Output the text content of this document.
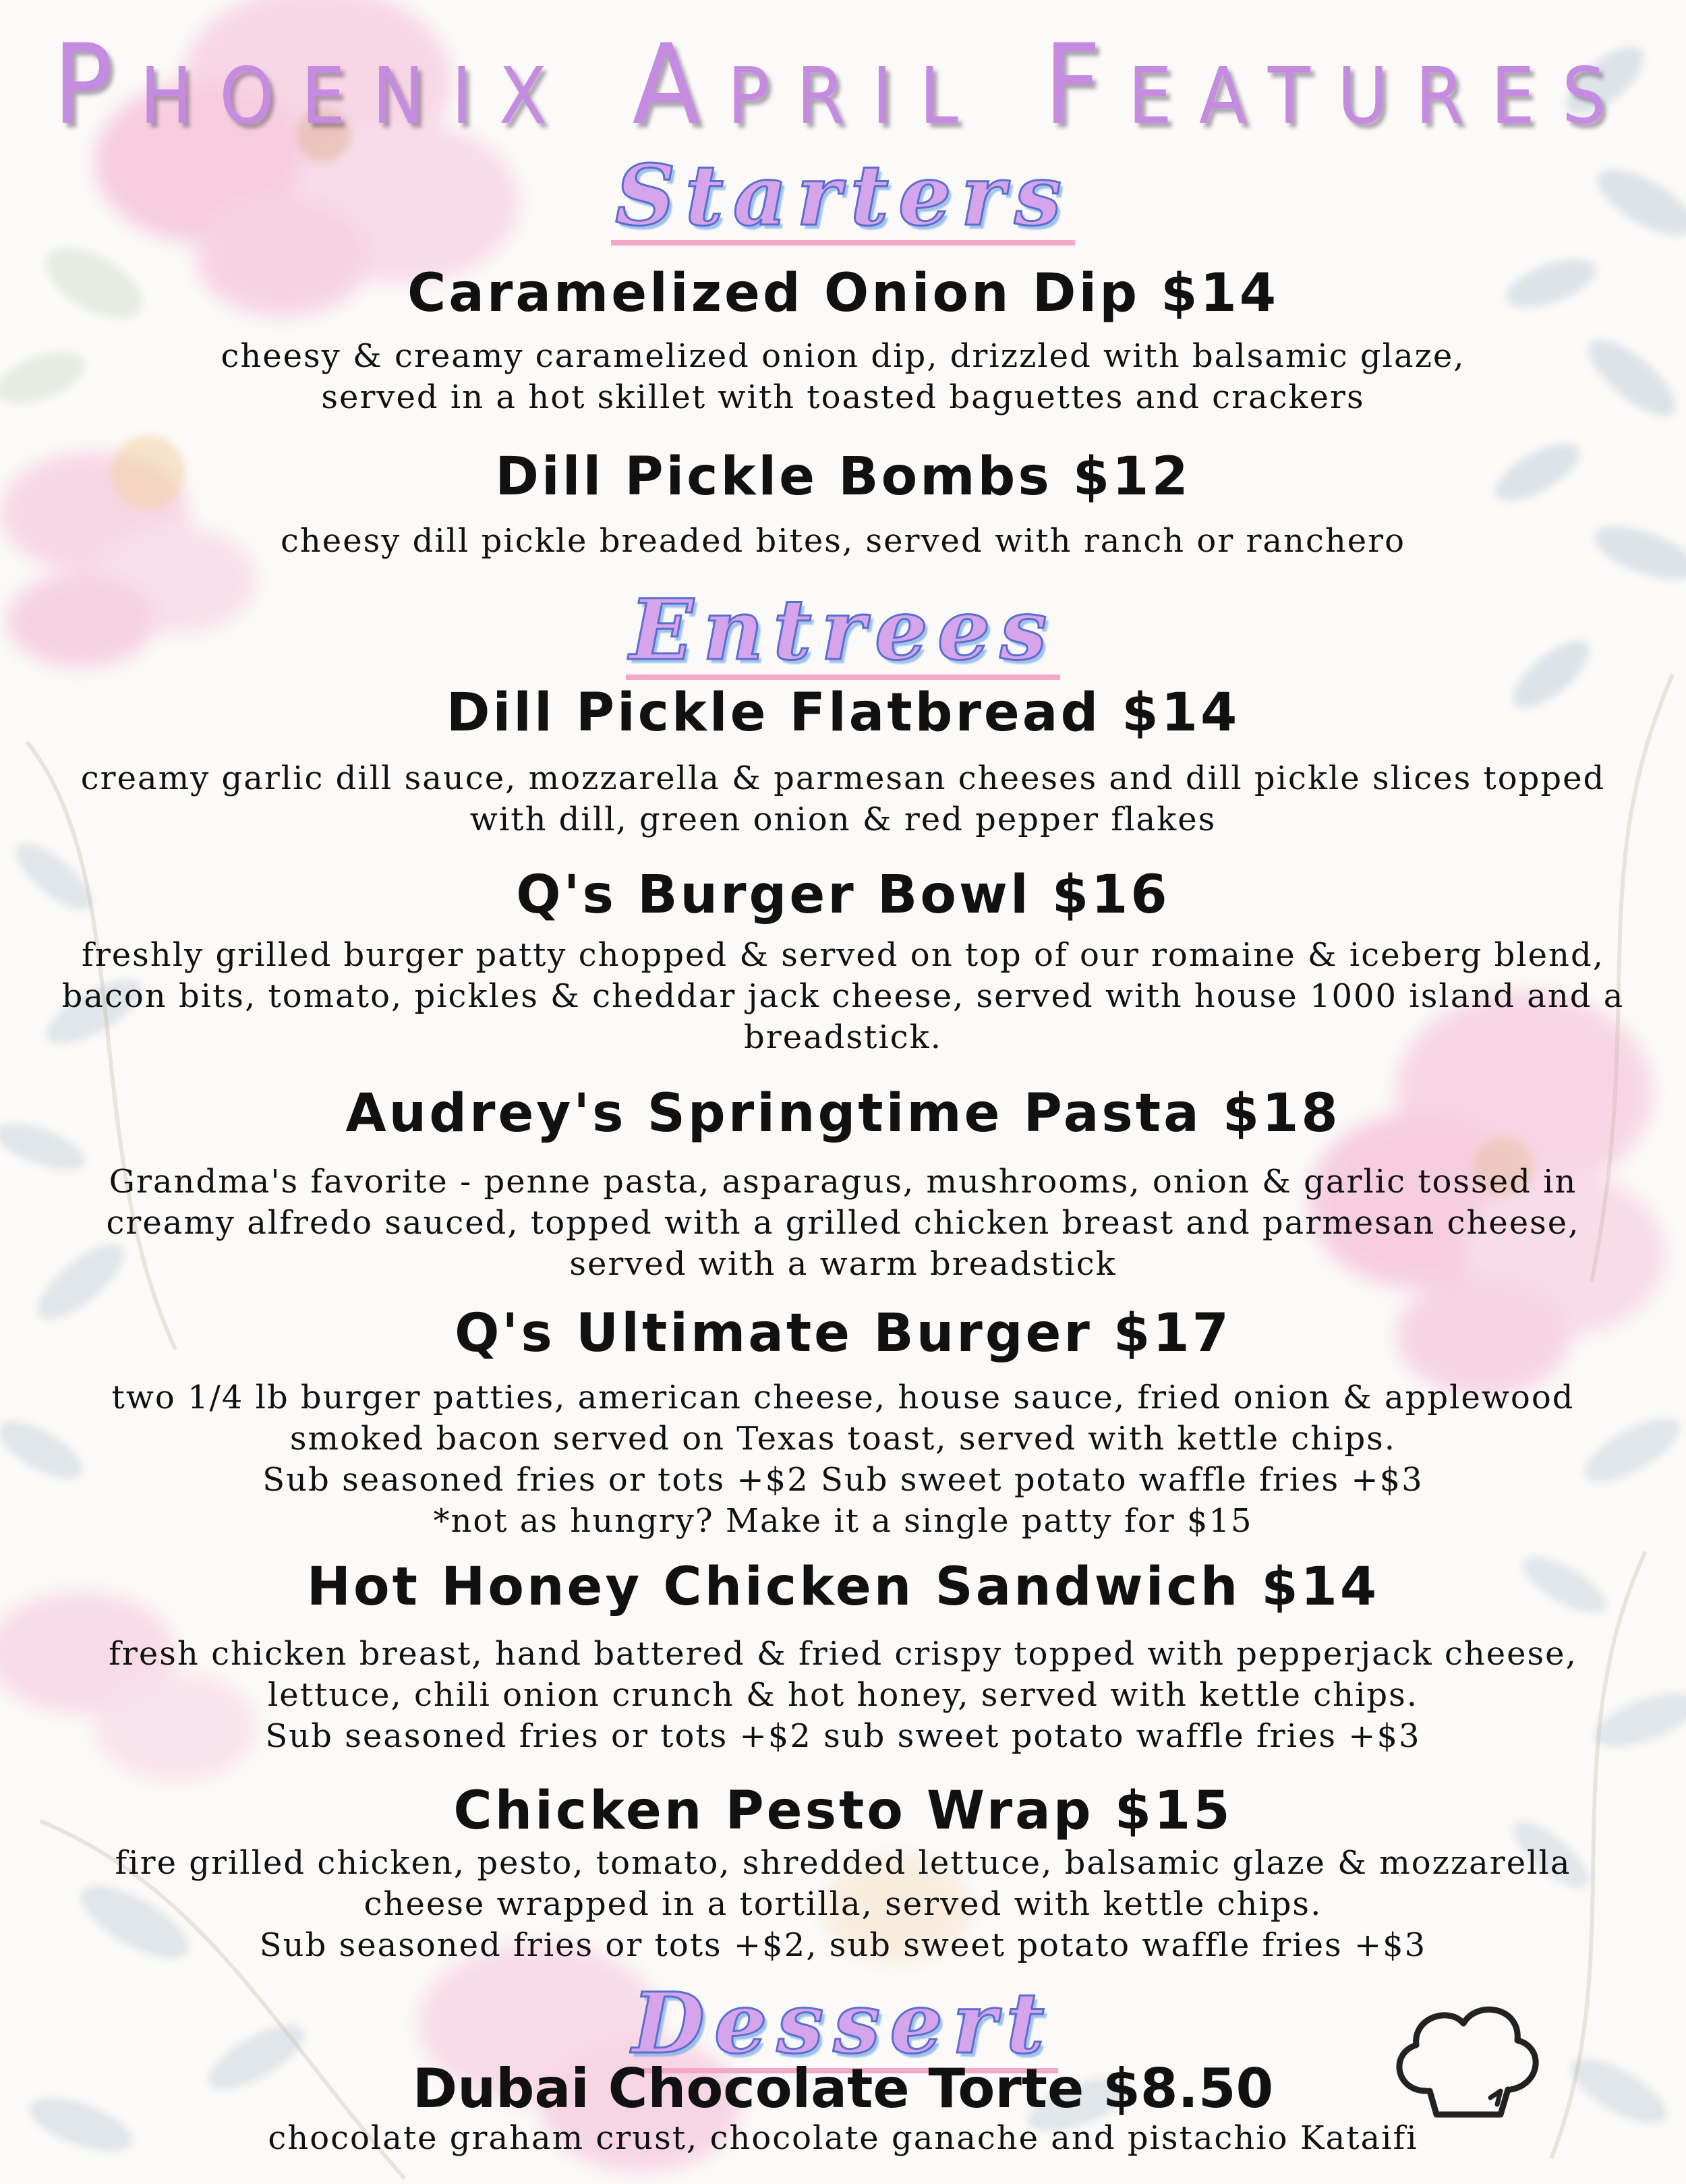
Phoenix April Features
Starters
Caramelized Onion Dip $14
cheesy & creamy caramelized onion dip, drizzled with balsamic glaze,
served in a hot skillet with toasted baguettes and crackers
Dill Pickle Bombs $12
cheesy dill pickle breaded bites, served with ranch or ranchero
Entrees
Dill Pickle Flatbread $14
creamy garlic dill sauce, mozzarella & parmesan cheeses and dill pickle slices topped
with dill, green onion & red pepper flakes
Q's Burger Bowl $16
freshly grilled burger patty chopped & served on top of our romaine & iceberg blend,
bacon bits, tomato, pickles & cheddar jack cheese, served with house 1000 island and a
breadstick.
Audrey's Springtime Pasta $18
Grandma's favorite - penne pasta, asparagus, mushrooms, onion & garlic tossed in
creamy alfredo sauced, topped with a grilled chicken breast and parmesan cheese,
served with a warm breadstick
Q's Ultimate Burger $17
two 1/4 lb burger patties, american cheese, house sauce, fried onion & applewood
smoked bacon served on Texas toast, served with kettle chips.
Sub seasoned fries or tots +$2 Sub sweet potato waffle fries +$3
*not as hungry? Make it a single patty for $15
Hot Honey Chicken Sandwich $14
fresh chicken breast, hand battered & fried crispy topped with pepperjack cheese,
lettuce, chili onion crunch & hot honey, served with kettle chips.
Sub seasoned fries or tots +$2 sub sweet potato waffle fries +$3
Chicken Pesto Wrap $15
fire grilled chicken, pesto, tomato, shredded lettuce, balsamic glaze & mozzarella
cheese wrapped in a tortilla, served with kettle chips.
Sub seasoned fries or tots +$2, sub sweet potato waffle fries +$3
Dessert
Dubai Chocolate Torte $8.50
chocolate graham crust, chocolate ganache and pistachio Kataifi
